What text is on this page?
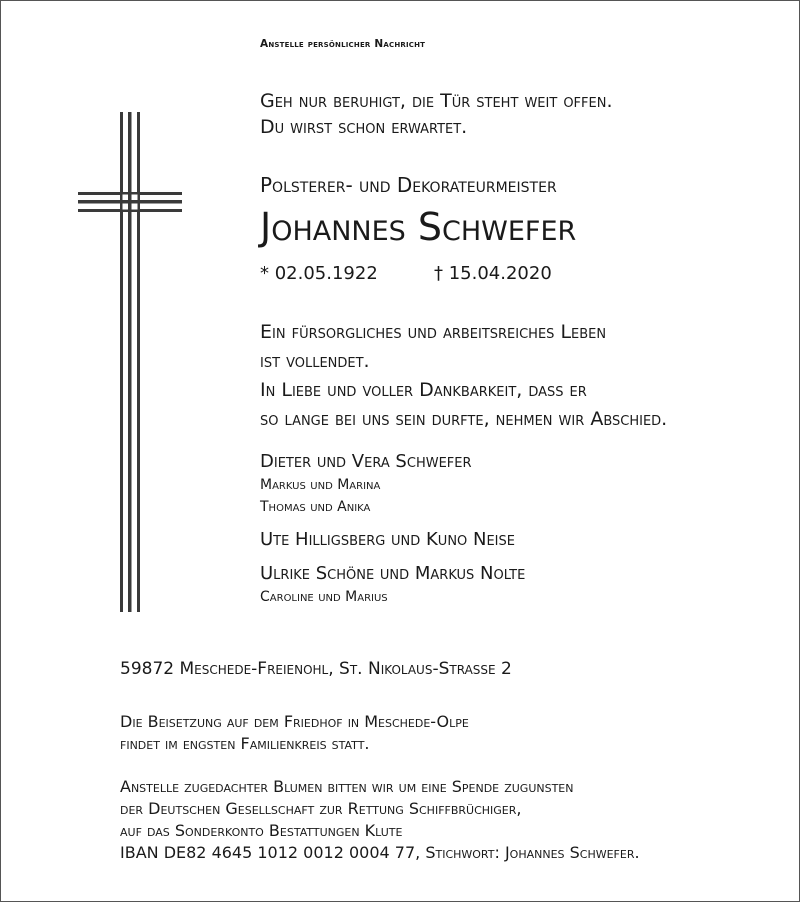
Anstelle persönlicher Nachricht
Geh nur beruhigt, die Tür steht weit offen.
Du wirst schon erwartet.
Polsterer- und Dekorateurmeister
Johannes Schwefer
* 02.05.1922	† 15.04.2020
Ein fürsorgliches und arbeitsreiches Leben
ist vollendet.
In Liebe und voller Dankbarkeit, dass er
so lange bei uns sein durfte, nehmen wir Abschied.
Dieter und Vera Schwefer
Markus und Marina
Thomas und Anika
Ute Hilligsberg und Kuno Neise
Ulrike Schöne und Markus Nolte
Caroline und Marius
59872 Meschede-Freienohl, St. Nikolaus-Strasse 2
Die Beisetzung auf dem Friedhof in Meschede-Olpe
findet im engsten Familienkreis statt.
Anstelle zugedachter Blumen bitten wir um eine Spende zugunsten
der Deutschen Gesellschaft zur Rettung Schiffbrüchiger,
auf das Sonderkonto Bestattungen Klute
IBAN DE82 4645 1012 0012 0004 77, Stichwort: Johannes Schwefer.
